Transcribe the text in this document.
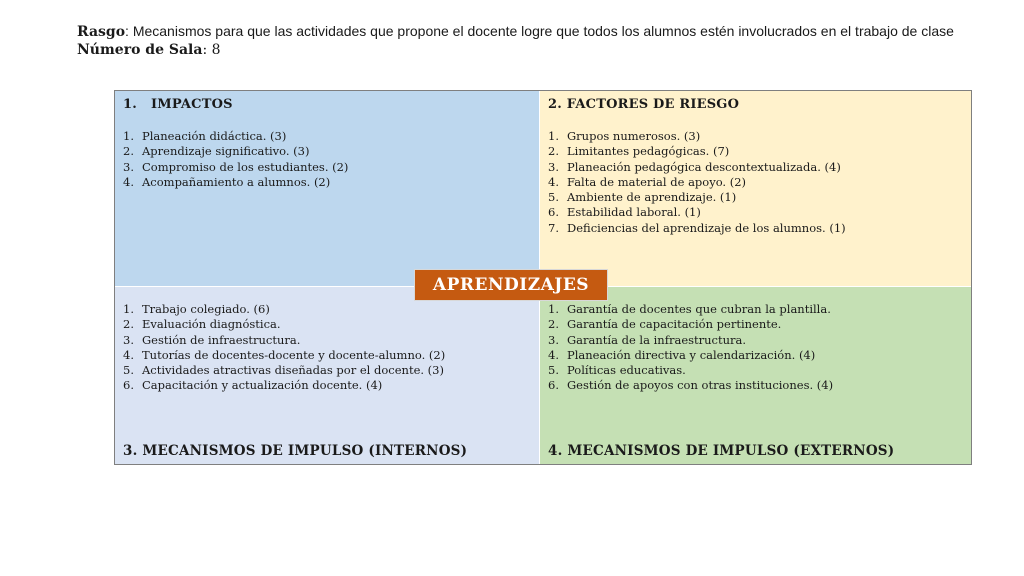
Rasgo: Mecanismos para que las actividades que propone el docente logre que todos los alumnos estén involucrados en el trabajo de clase
Número de Sala: 8
1. IMPACTOS
1. Planeación didáctica. (3)
2. Aprendizaje significativo. (3)
3. Compromiso de los estudiantes. (2)
4. Acompañamiento a alumnos. (2)
2. FACTORES DE RIESGO
1. Grupos numerosos. (3)
2. Limitantes pedagógicas. (7)
3. Planeación pedagógica descontextualizada. (4)
4. Falta de material de apoyo. (2)
5. Ambiente de aprendizaje. (1)
6. Estabilidad laboral. (1)
7. Deficiencias del aprendizaje de los alumnos. (1)
1. Trabajo colegiado. (6)
2. Evaluación diagnóstica.
3. Gestión de infraestructura.
4. Tutorías de docentes-docente y docente-alumno. (2)
5. Actividades atractivas diseñadas por el docente. (3)
6. Capacitación y actualización docente. (4)
3. MECANISMOS DE IMPULSO (INTERNOS)
1. Garantía de docentes que cubran la plantilla.
2. Garantía de capacitación pertinente.
3. Garantía de la infraestructura.
4. Planeación directiva y calendarización. (4)
5. Políticas educativas.
6. Gestión de apoyos con otras instituciones. (4)
4. MECANISMOS DE IMPULSO (EXTERNOS)
APRENDIZAJES
